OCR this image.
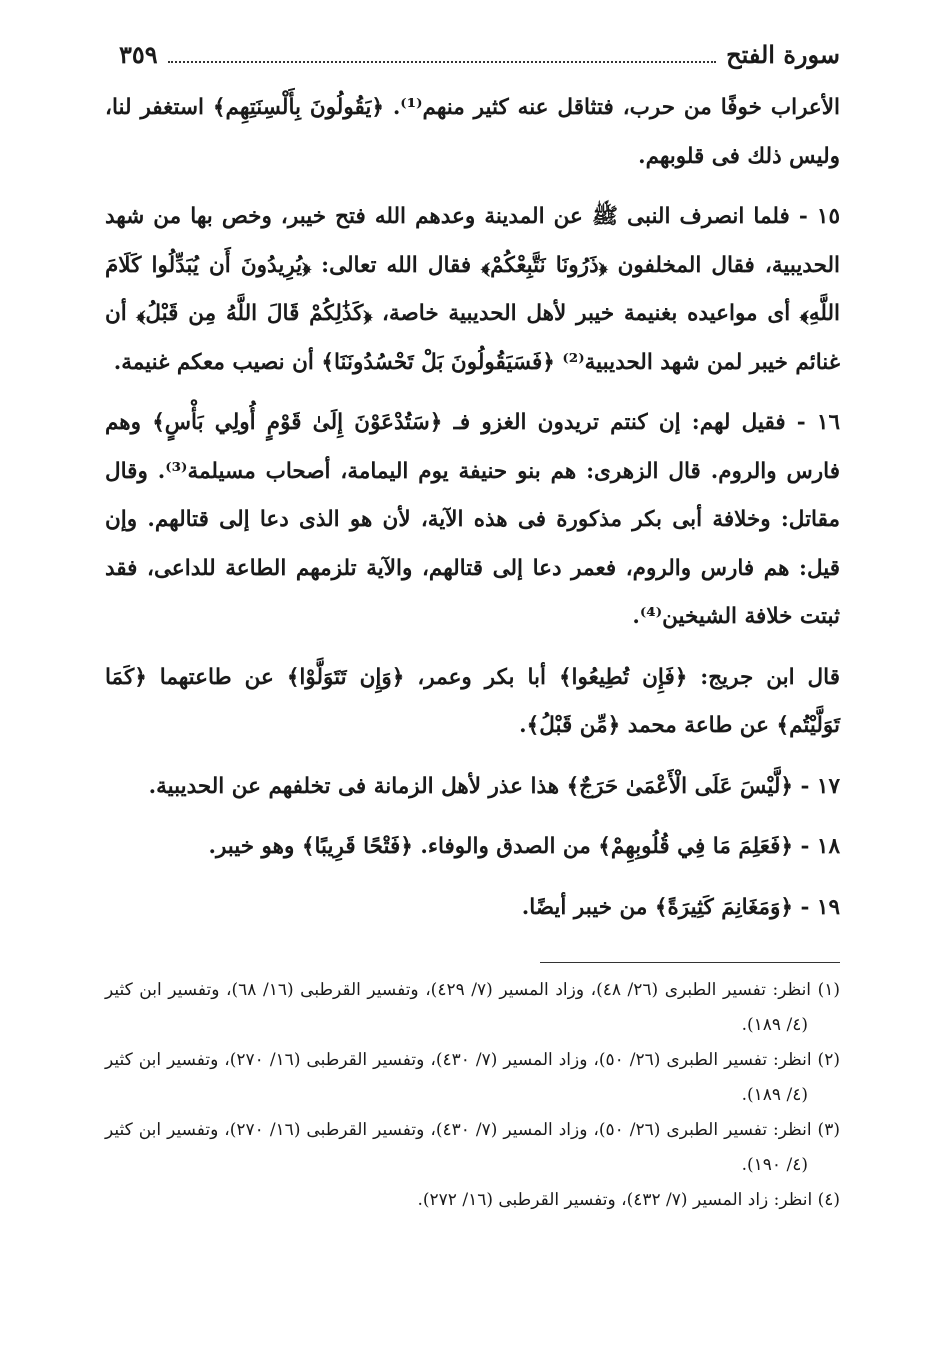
سورة الفتح
٣٥٩

الأعراب خوفًا من حرب، فتثاقل عنه كثير منهم⁽¹⁾. ﴿يَقُولُونَ بِأَلْسِنَتِهِم﴾ استغفر لنا، وليس ذلك فى قلوبهم.

١٥ - فلما انصرف النبى ﷺ عن المدينة وعدهم الله فتح خيبر، وخص بها من شهد الحديبية، فقال المخلفون ﴿ذَرُونَا نَتَّبِعْكُمْ﴾ فقال الله تعالى: ﴿يُرِيدُونَ أَن يُبَدِّلُوا كَلَامَ اللَّهِ﴾ أى مواعيده بغنيمة خيبر لأهل الحديبية خاصة، ﴿كَذَٰلِكُمْ قَالَ اللَّهُ مِن قَبْلُ﴾ أن غنائم خيبر لمن شهد الحديبية⁽²⁾ ﴿فَسَيَقُولُونَ بَلْ تَحْسُدُونَنَا﴾ أن نصيب معكم غنيمة.

١٦ - فقيل لهم: إن كنتم تريدون الغزو فـ ﴿سَتُدْعَوْنَ إِلَىٰ قَوْمٍ أُولِي بَأْسٍ﴾ وهم فارس والروم. قال الزهرى: هم بنو حنيفة يوم اليمامة، أصحاب مسيلمة⁽³⁾. وقال مقاتل: وخلافة أبى بكر مذكورة فى هذه الآية، لأن هو الذى دعا إلى قتالهم. وإن قيل: هم فارس والروم، فعمر دعا إلى قتالهم، والآية تلزمهم الطاعة للداعى، فقد ثبتت خلافة الشيخين⁽⁴⁾.

قال ابن جريج: ﴿فَإِن تُطِيعُوا﴾ أبا بكر وعمر، ﴿وَإِن تَتَوَلَّوْا﴾ عن طاعتهما ﴿كَمَا تَوَلَّيْتُم﴾ عن طاعة محمد ﴿مِّن قَبْلُ﴾.

١٧ - ﴿لَّيْسَ عَلَى الْأَعْمَىٰ حَرَجٌ﴾ هذا عذر لأهل الزمانة فى تخلفهم عن الحديبية.

١٨ - ﴿فَعَلِمَ مَا فِي قُلُوبِهِمْ﴾ من الصدق والوفاء. ﴿فَتْحًا قَرِيبًا﴾ وهو خيبر.

١٩ - ﴿وَمَغَانِمَ كَثِيرَةً﴾ من خيبر أيضًا.

(١) انظر: تفسير الطبرى (٢٦/ ٤٨)، وزاد المسير (٧/ ٤٢٩)، وتفسير القرطبى (١٦/ ٦٨)، وتفسير ابن كثير (٤/ ١٨٩).
(٢) انظر: تفسير الطبرى (٢٦/ ٥٠)، وزاد المسير (٧/ ٤٣٠)، وتفسير القرطبى (١٦/ ٢٧٠)، وتفسير ابن كثير (٤/ ١٨٩).
(٣) انظر: تفسير الطبرى (٢٦/ ٥٠)، وزاد المسير (٧/ ٤٣٠)، وتفسير القرطبى (١٦/ ٢٧٠)، وتفسير ابن كثير (٤/ ١٩٠).
(٤) انظر: زاد المسير (٧/ ٤٣٢)، وتفسير القرطبى (١٦/ ٢٧٢).
